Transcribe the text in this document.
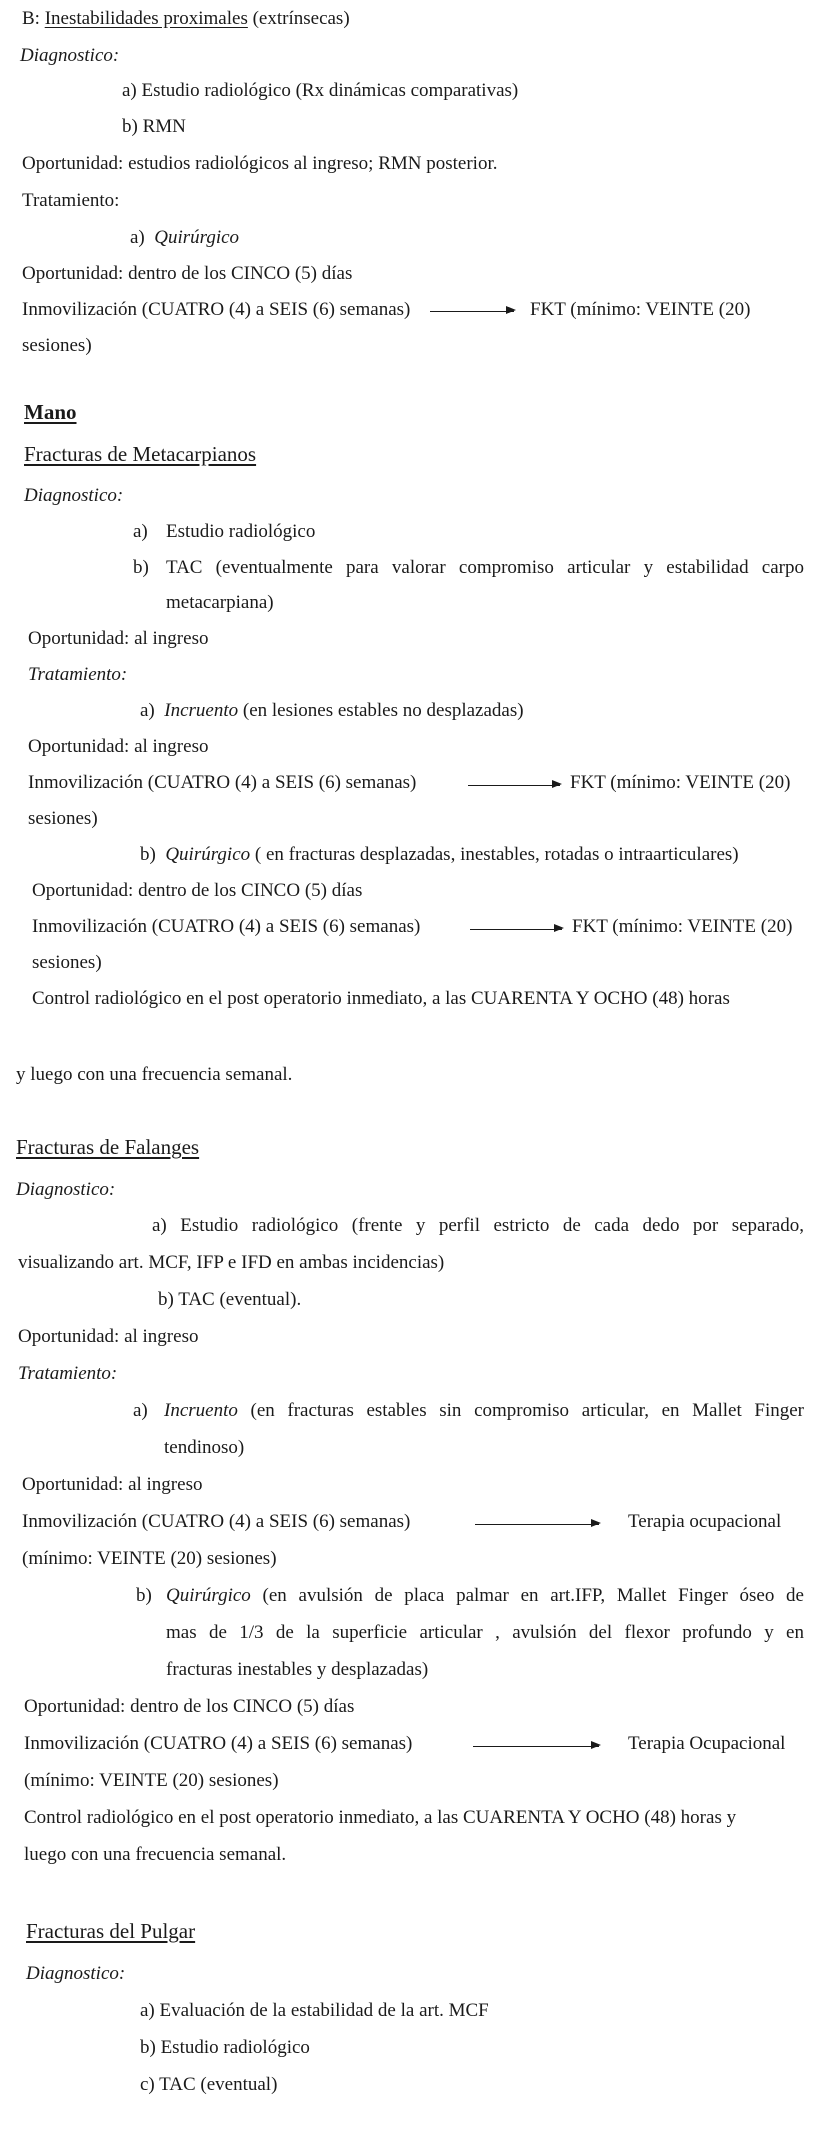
B: Inestabilidades proximales (extrínsecas)
Diagnostico:
a) Estudio radiológico (Rx dinámicas comparativas)
b) RMN
Oportunidad: estudios radiológicos al ingreso; RMN posterior.
Tratamiento:
a) Quirúrgico
Oportunidad: dentro de los CINCO (5) días
Inmovilización (CUATRO (4) a SEIS (6) semanas)	FKT (mínimo: VEINTE (20)
sesiones)
Mano
Fracturas de Metacarpianos
Diagnostico:
a) Estudio radiológico
b) TAC (eventualmente para valorar compromiso articular y estabilidad carpo
metacarpiana)
Oportunidad: al ingreso
Tratamiento:
a) Incruento (en lesiones estables no desplazadas)
Oportunidad: al ingreso
Inmovilización (CUATRO (4) a SEIS (6) semanas)	FKT (mínimo: VEINTE (20)
sesiones)
b) Quirúrgico ( en fracturas desplazadas, inestables, rotadas o intraarticulares)
Oportunidad: dentro de los CINCO (5) días
Inmovilización (CUATRO (4) a SEIS (6) semanas)	FKT (mínimo: VEINTE (20)
sesiones)
Control radiológico en el post operatorio inmediato, a las CUARENTA Y OCHO (48) horas
y luego con una frecuencia semanal.
Fracturas de Falanges
Diagnostico:
a) Estudio radiológico (frente y perfil estricto de cada dedo por separado,
visualizando art. MCF, IFP e IFD en ambas incidencias)
b) TAC (eventual).
Oportunidad: al ingreso
Tratamiento:
a) Incruento (en fracturas estables sin compromiso articular, en Mallet Finger
tendinoso)
Oportunidad: al ingreso
Inmovilización (CUATRO (4) a SEIS (6) semanas)	Terapia ocupacional
(mínimo: VEINTE (20) sesiones)
b) Quirúrgico (en avulsión de placa palmar en art.IFP, Mallet Finger óseo de
mas de 1/3 de la superficie articular , avulsión del flexor profundo y en
fracturas inestables y desplazadas)
Oportunidad: dentro de los CINCO (5) días
Inmovilización (CUATRO (4) a SEIS (6) semanas)	Terapia Ocupacional
(mínimo: VEINTE (20) sesiones)
Control radiológico en el post operatorio inmediato, a las CUARENTA Y OCHO (48) horas y
luego con una frecuencia semanal.
Fracturas del Pulgar
Diagnostico:
a) Evaluación de la estabilidad de la art. MCF
b) Estudio radiológico
c) TAC (eventual)
